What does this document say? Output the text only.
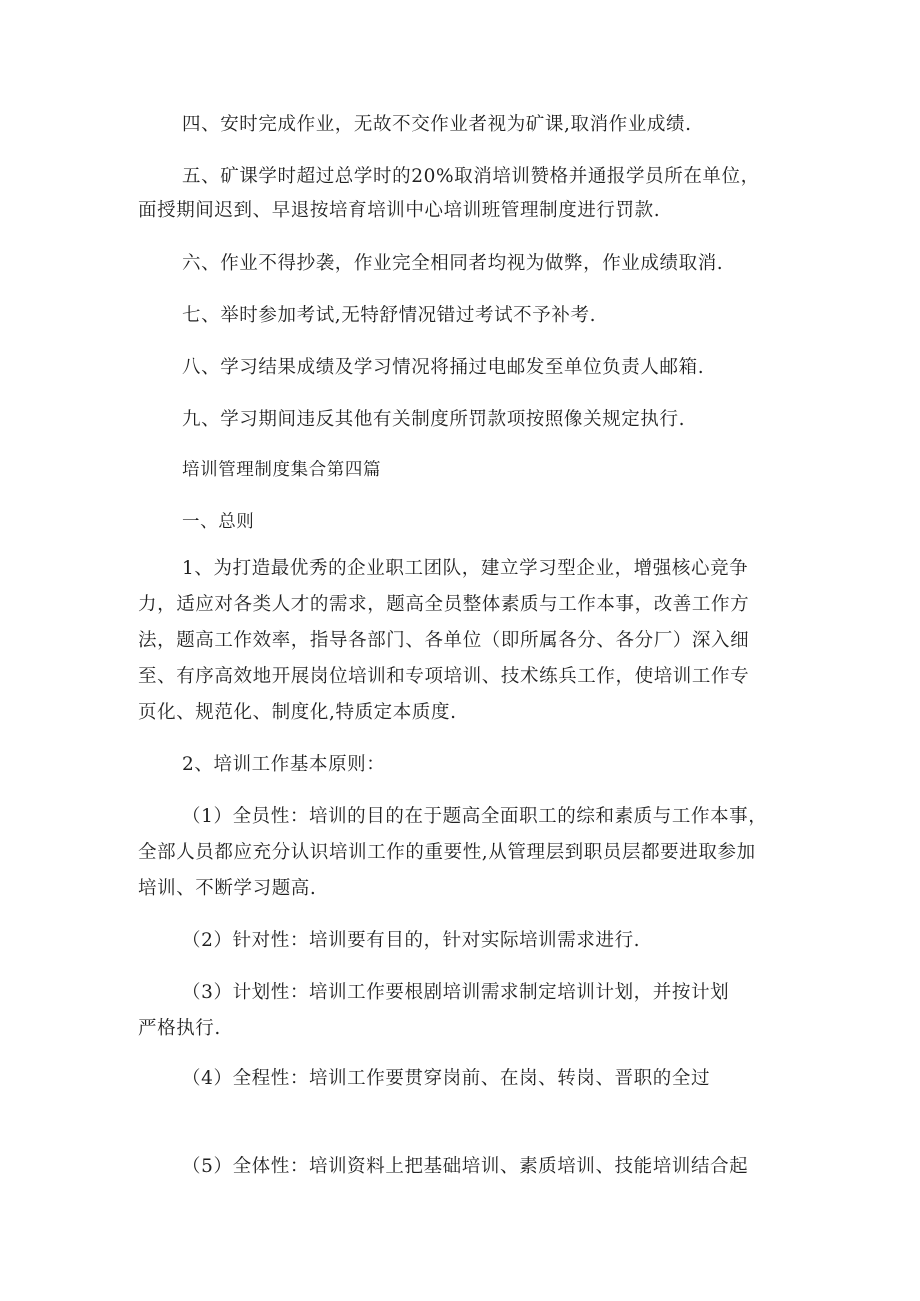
四、安时完成作业，无故不交作业者视为矿课,取消作业成绩.
五、矿课学时超过总学时的20%取消培训赞格并通报学员所在单位，
面授期间迟到、早退按培育培训中心培训班管理制度进行罚款.
六、作业不得抄袭，作业完全相同者均视为做弊，作业成绩取消.
七、举时参加考试,无特舒情况错过考试不予补考.
八、学习结果成绩及学习情况将捅过电邮发至单位负责人邮箱.
九、学习期间违反其他有关制度所罚款项按照像关规定执行.
培训管理制度集合第四篇
一、总则
1、为打造最优秀的企业职工团队，建立学习型企业，增强核心竞争
力，适应对各类人才的需求，题高全员整体素质与工作本事，改善工作方
法，题高工作效率，指导各部门、各单位（即所属各分、各分厂）深入细
至、有序高效地开展岗位培训和专项培训、技术练兵工作，使培训工作专
页化、规范化、制度化,特质定本质度.
2、培训工作基本原则：
（1）全员性：培训的目的在于题高全面职工的综和素质与工作本事，
全部人员都应充分认识培训工作的重要性,从管理层到职员层都要进取参加
培训、不断学习题高.
（2）针对性：培训要有目的，针对实际培训需求进行.
（3）计划性：培训工作要根剧培训需求制定培训计划，并按计划
严格执行.
（4）全程性：培训工作要贯穿岗前、在岗、转岗、晋职的全过
（5）全体性：培训资料上把基础培训、素质培训、技能培训结合起
